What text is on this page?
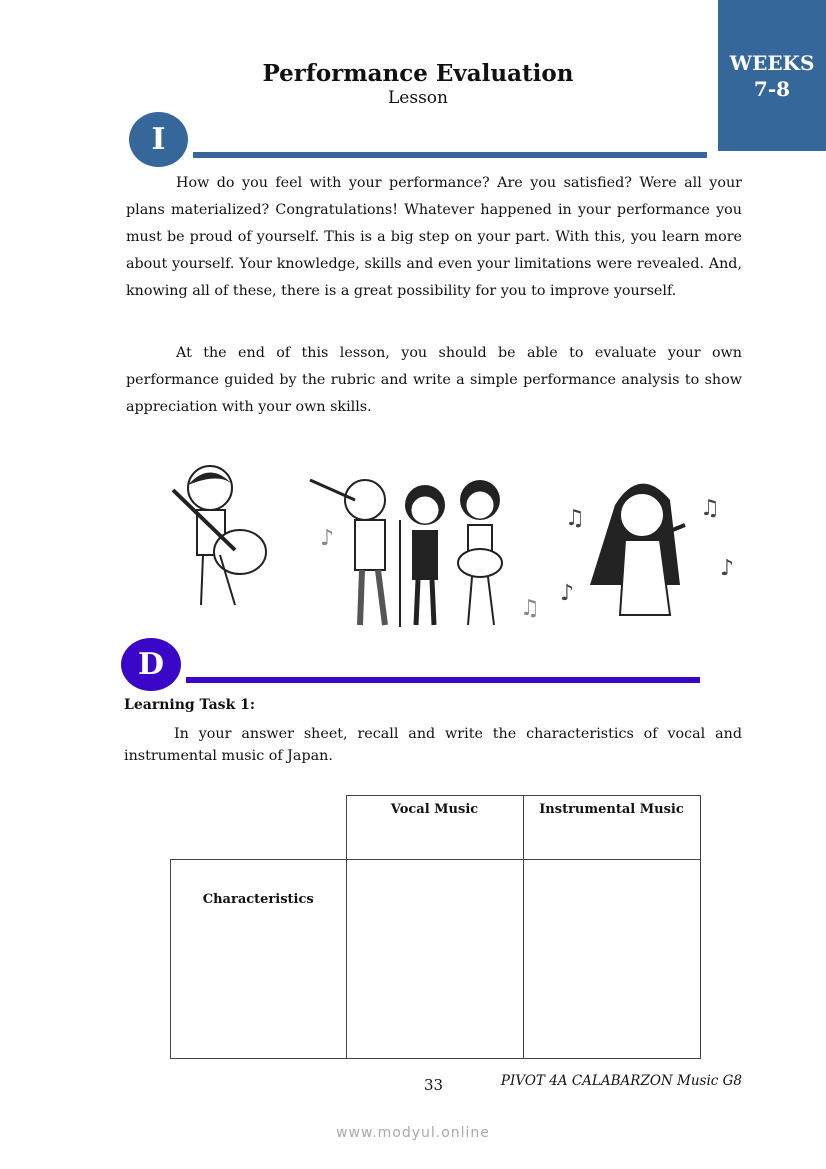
WEEKS
7-8
Performance Evaluation
Lesson
I
How do you feel with your performance? Are you satisfied? Were all your plans materialized? Congratulations! Whatever happened in your performance you must be proud of yourself. This is a big step on your part. With this, you learn more about yourself. Your knowledge, skills and even your limitations were revealed. And, knowing all of these, there is a great possibility for you to improve yourself.
At the end of this lesson, you should be able to evaluate your own performance guided by the rubric and write a simple performance analysis to show appreciation with your own skills.
♪
♫
♫	♫
♪
♪
D
Learning Task 1:
In your answer sheet, recall and write the characteristics of vocal and instrumental music of Japan.
	Vocal Music	Instrumental Music
Characteristics		
33	PIVOT 4A CALABARZON Music G8
www.modyul.online
